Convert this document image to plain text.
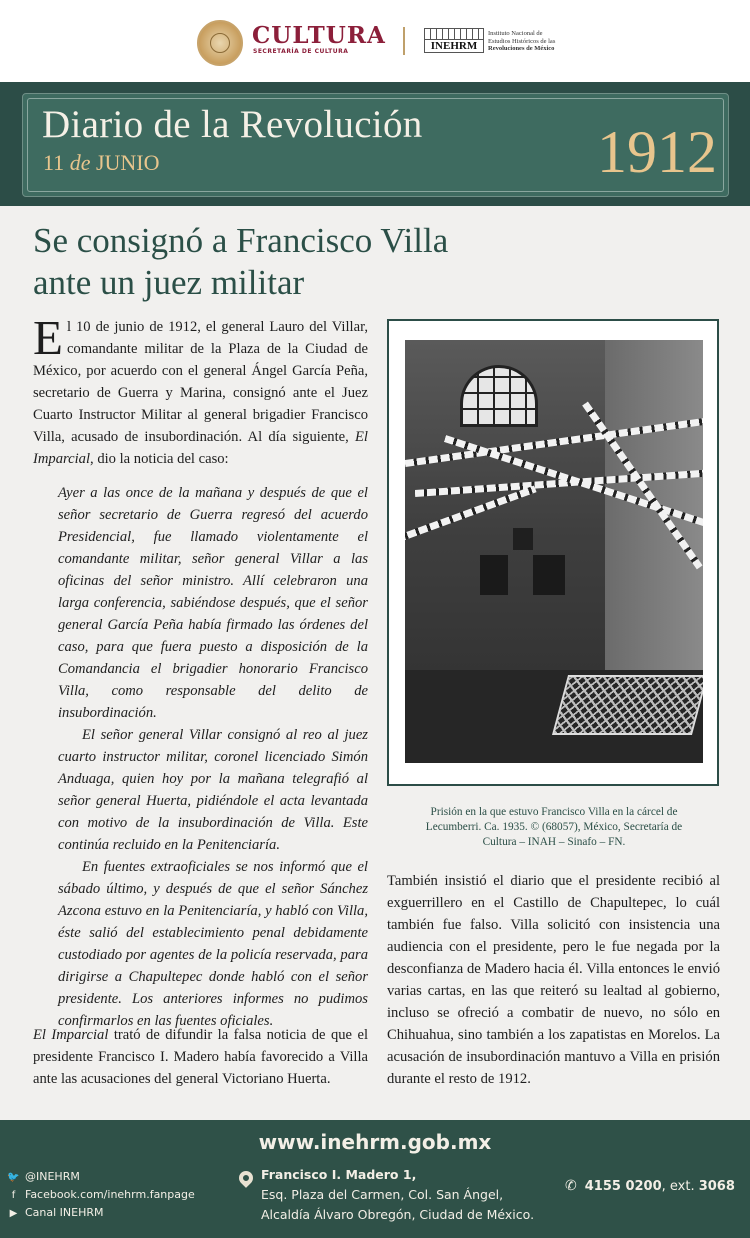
CULTURA
SECRETARÍA DE CULTURA	INEHRM
Instituto Nacional de
Estudios Históricos de las
Revoluciones de México
Diario de la Revolución
11 de JUNIO	1912
Se consignó a Francisco Villa
ante un juez militar
El 10 de junio de 1912, el general Lauro del Villar, comandante militar de la Plaza de la Ciudad de México, por acuerdo con el general Ángel García Peña, secretario de Guerra y Marina, consignó ante el Juez Cuarto Instructor Militar al general brigadier Francisco Villa, acusado de insubordinación. Al día siguiente, El Imparcial, dio la noticia del caso:

Ayer a las once de la mañana y después de que el señor secretario de Guerra regresó del acuerdo Presidencial, fue llamado violentamente el comandante militar, señor general Villar a las oficinas del señor ministro. Allí celebraron una larga conferencia, sabiéndose después, que el señor general García Peña había firmado las órdenes del caso, para que fuera puesto a disposición de la Comandancia el brigadier honorario Francisco Villa, como responsable del delito de insubordinación.

El señor general Villar consignó al reo al juez cuarto instructor militar, coronel licenciado Simón Anduaga, quien hoy por la mañana telegrafió al señor general Huerta, pidiéndole el acta levantada con motivo de la insubordinación de Villa. Este continúa recluido en la Penitenciaría.

En fuentes extraoficiales se nos informó que el sábado último, y después de que el señor Sánchez Azcona estuvo en la Penitenciaría, y habló con Villa, éste salió del establecimiento penal debidamente custodiado por agentes de la policía reservada, para dirigirse a Chapultepec donde habló con el señor presidente. Los anteriores informes no pudimos confirmarlos en las fuentes oficiales.

El Imparcial trató de difundir la falsa noticia de que el presidente Francisco I. Madero había favorecido a Villa ante las acusaciones del general Victoriano Huerta.
Prisión en la que estuvo Francisco Villa en la cárcel de Lecumberri. Ca. 1935. © (68057), México, Secretaría de Cultura – INAH – Sinafo – FN.
También insistió el diario que el presidente recibió al exguerrillero en el Castillo de Chapultepec, lo cuál también fue falso. Villa solicitó con insistencia una audiencia con el presidente, pero le fue negada por la desconfianza de Madero hacia él. Villa entonces le envió varias cartas, en las que reiteró su lealtad al gobierno, incluso se ofreció a combatir de nuevo, no sólo en Chihuahua, sino también a los zapatistas en Morelos. La acusación de insubordinación mantuvo a Villa en prisión durante el resto de 1912.
www.inehrm.gob.mx
🐦 @INEHRM
f Facebook.com/inehrm.fanpage
▶ Canal INEHRM
Francisco I. Madero 1,
Esq. Plaza del Carmen, Col. San Ángel,
Alcaldía Álvaro Obregón, Ciudad de México.
✆ 4155 0200, ext. 3068
